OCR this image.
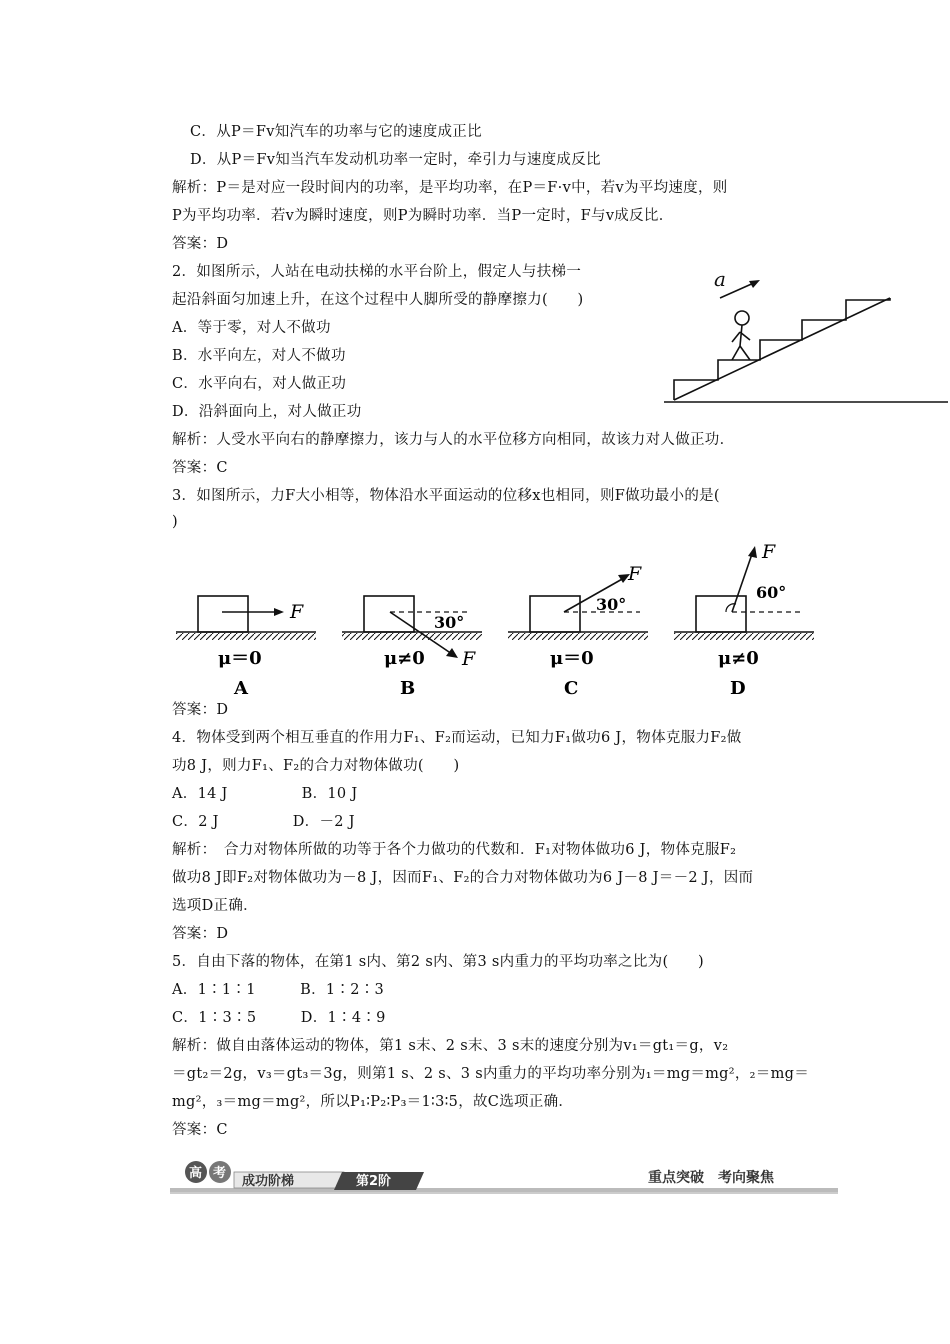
C．从P＝Fv知汽车的功率与它的速度成正比
D．从P＝Fv知当汽车发动机功率一定时，牵引力与速度成反比
解析：P＝是对应一段时间内的功率，是平均功率，在P＝F·v中，若v为平均速度，则
P为平均功率．若v为瞬时速度，则P为瞬时功率．当P一定时，F与v成反比．
答案：D
2．如图所示，人站在电动扶梯的水平台阶上，假定人与扶梯一
起沿斜面匀加速上升，在这个过程中人脚所受的静摩擦力(　　)
A．等于零，对人不做功
B．水平向左，对人不做功
C．水平向右，对人做正功
D．沿斜面向上，对人做正功
解析：人受水平向右的静摩擦力，该力与人的水平位移方向相同，故该力对人做正功．
答案：C
3．如图所示，力F大小相等，物体沿水平面运动的位移x也相同，则F做功最小的是(
)
答案：D
4．物体受到两个相互垂直的作用力F₁、F₂而运动，已知力F₁做功6 J，物体克服力F₂做
功8 J，则力F₁、F₂的合力对物体做功(　　)
A．14 J　　　　　B．10 J
C．2 J　　　　　D．－2 J
解析：　合力对物体所做的功等于各个力做功的代数和．F₁对物体做功6 J，物体克服F₂
做功8 J即F₂对物体做功为－8 J，因而F₁、F₂的合力对物体做功为6 J－8 J＝－2 J，因而
选项D正确．
答案：D
5．自由下落的物体，在第1 s内、第2 s内、第3 s内重力的平均功率之比为(　　)
A．1∶1∶1　　　B．1∶2∶3
C．1∶3∶5　　　D．1∶4∶9
解析：做自由落体运动的物体，第1 s末、2 s末、3 s末的速度分别为v₁＝gt₁＝g，v₂
＝gt₂＝2g，v₃＝gt₃＝3g，则第1 s、2 s、3 s内重力的平均功率分别为₁＝mg＝mg²，₂＝mg＝
mg²，₃＝mg＝mg²，所以P₁∶P₂∶P₃＝1∶3∶5，故C选项正确．
答案：C
a
F
μ＝0
A
F
30°
μ≠0
B
F
30°
μ＝0
C
F
60°
μ≠0
D
高 考
成功阶梯	第2阶	重点突破　考向聚焦
